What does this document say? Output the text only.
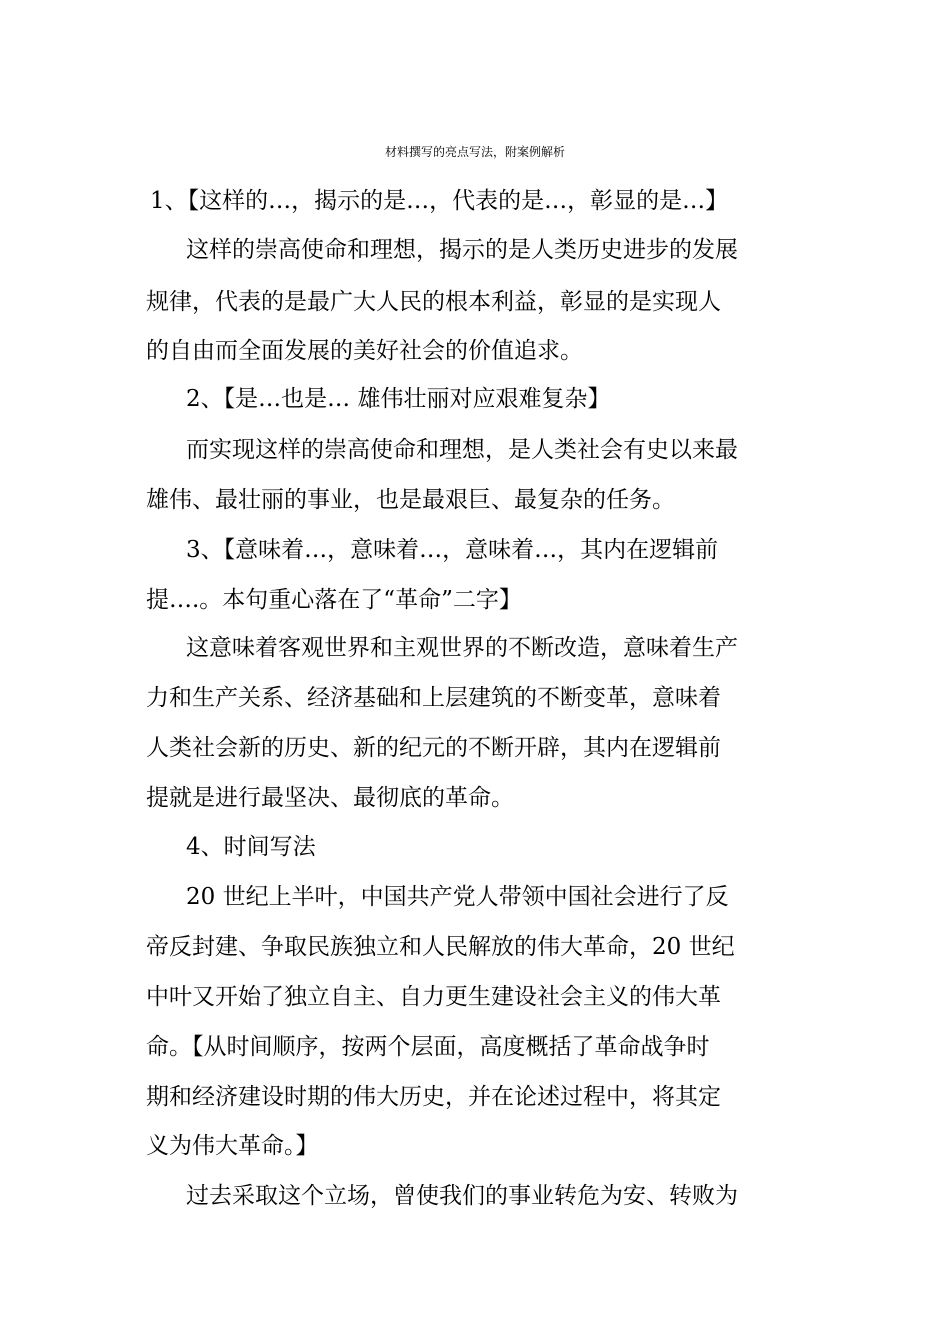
材料撰写的亮点写法，附案例解析
1、【这样的…，揭示的是…，代表的是…，彰显的是…】
这样的崇高使命和理想，揭示的是人类历史进步的发展
规律，代表的是最广大人民的根本利益，彰显的是实现人
的自由而全面发展的美好社会的价值追求。
2、【是…也是… 雄伟壮丽对应艰难复杂】
而实现这样的崇高使命和理想，是人类社会有史以来最
雄伟、最壮丽的事业，也是最艰巨、最复杂的任务。
3、【意味着…，意味着…，意味着…，其内在逻辑前
提….。本句重心落在了“革命”二字】
这意味着客观世界和主观世界的不断改造，意味着生产
力和生产关系、经济基础和上层建筑的不断变革，意味着
人类社会新的历史、新的纪元的不断开辟，其内在逻辑前
提就是进行最坚决、最彻底的革命。
4、时间写法
20 世纪上半叶，中国共产党人带领中国社会进行了反
帝反封建、争取民族独立和人民解放的伟大革命，20 世纪
中叶又开始了独立自主、自力更生建设社会主义的伟大革
命。【从时间顺序，按两个层面，高度概括了革命战争时
期和经济建设时期的伟大历史，并在论述过程中，将其定
义为伟大革命。】
过去采取这个立场，曾使我们的事业转危为安、转败为
